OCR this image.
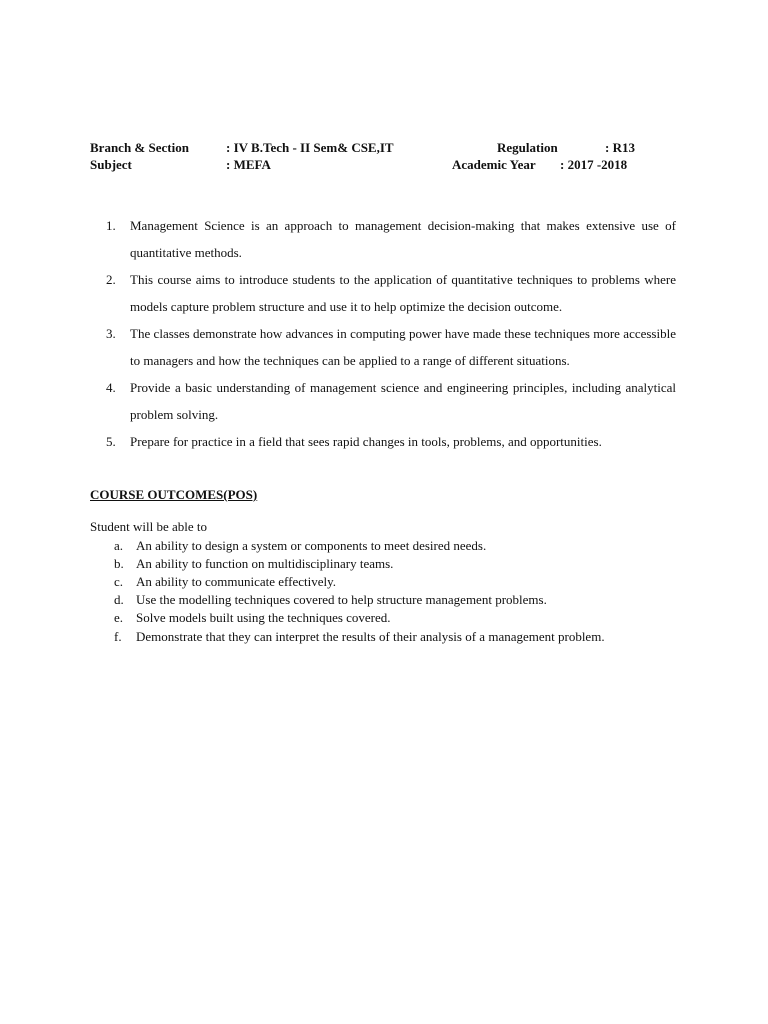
Branch & Section	: IV B.Tech - II Sem& CSE,IT	Regulation	: R13
Subject	: MEFA	Academic Year : 2017 -2018
1. Management Science is an approach to management decision-making that makes extensive use of quantitative methods.
2. This course aims to introduce students to the application of quantitative techniques to problems where models capture problem structure and use it to help optimize the decision outcome.
3. The classes demonstrate how advances in computing power have made these techniques more accessible to managers and how the techniques can be applied to a range of different situations.
4. Provide a basic understanding of management science and engineering principles, including analytical problem solving.
5. Prepare for practice in a field that sees rapid changes in tools, problems, and opportunities.
COURSE OUTCOMES(POS)
Student will be able to
a. An ability to design a system or components to meet desired needs.
b. An ability to function on multidisciplinary teams.
c. An ability to communicate effectively.
d. Use the modelling techniques covered to help structure management problems.
e. Solve models built using the techniques covered.
f. Demonstrate that they can interpret the results of their analysis of a management problem.
